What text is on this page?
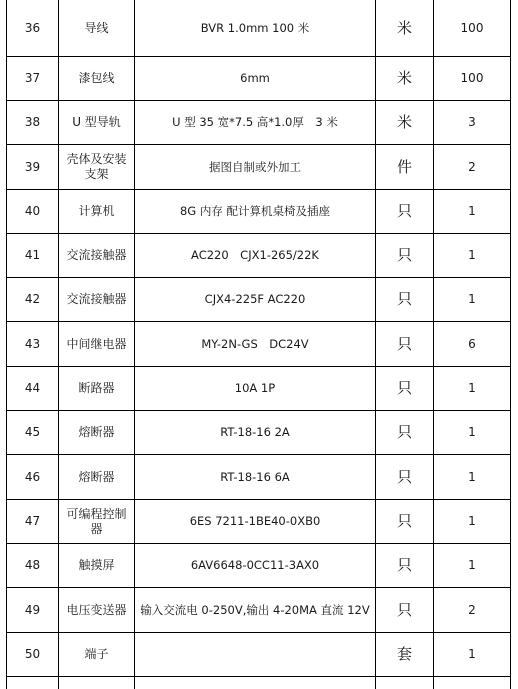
36	导线	BVR 1.0mm 100 米	米	100
37	漆包线	6mm	米	100
38	U 型导轨	U 型 35 宽*7.5 高*1.0厚　3 米	米	3
39	壳体及安装支架	据图自制或外加工	件	2
40	计算机	8G 内存 配计算机桌椅及插座	只	1
41	交流接触器	AC220　CJX1-265/22K	只	1
42	交流接触器	CJX4-225F AC220	只	1
43	中间继电器	MY-2N-GS　DC24V	只	6
44	断路器	10A 1P	只	1
45	熔断器	RT-18-16 2A	只	1
46	熔断器	RT-18-16 6A	只	1
47	可编程控制器	6ES 7211-1BE40-0XB0	只	1
48	触摸屏	6AV6648-0CC11-3AX0	只	1
49	电压变送器	输入交流电 0-250V,输出 4-20MA 直流 12V	只	2
50	端子		套	1
